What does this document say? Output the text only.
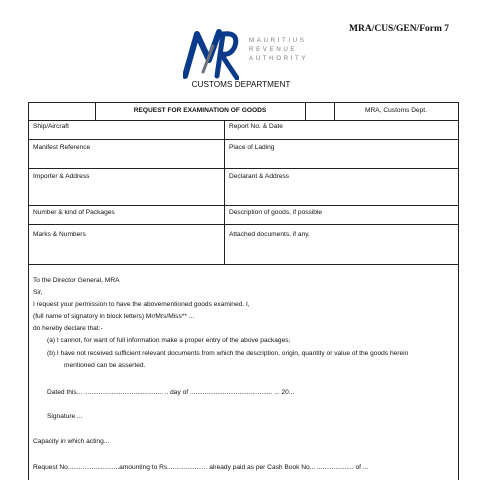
MRA/CUS/GEN/Form 7
MAURITIUS
REVENUE
AUTHORITY
CUSTOMS DEPARTMENT
REQUEST FOR EXAMINATION OF GOODS	MRA, Customs Dept.
Ship/Aircraft	Report No. & Date
Manifest Reference	Place of Lading
Importer & Address	Declarant & Address
Number & kind of Packages	Description of goods, if possible
Marks & Numbers	Attached documents, if any.
To the Director General, MRA
Sir,
I request your permission to have the abovementioned goods examined. I,
(full name of signatory in block letters) Mr/Mrs/Miss** ...
do hereby declare that:-
(a) I cannot, for want of full information make a proper entry of the above packages;
(b) I have not received sufficient relevant documents from which the description, origin, quantity or value of the goods herein
mentioned can be asserted.
Dated this... ........................................... .. day of ............................................. ... 20...
Signature ...
Capacity in which acting...
Request No............................amounting to Rs...................... already paid as per Cash Book No... .................... of ...
